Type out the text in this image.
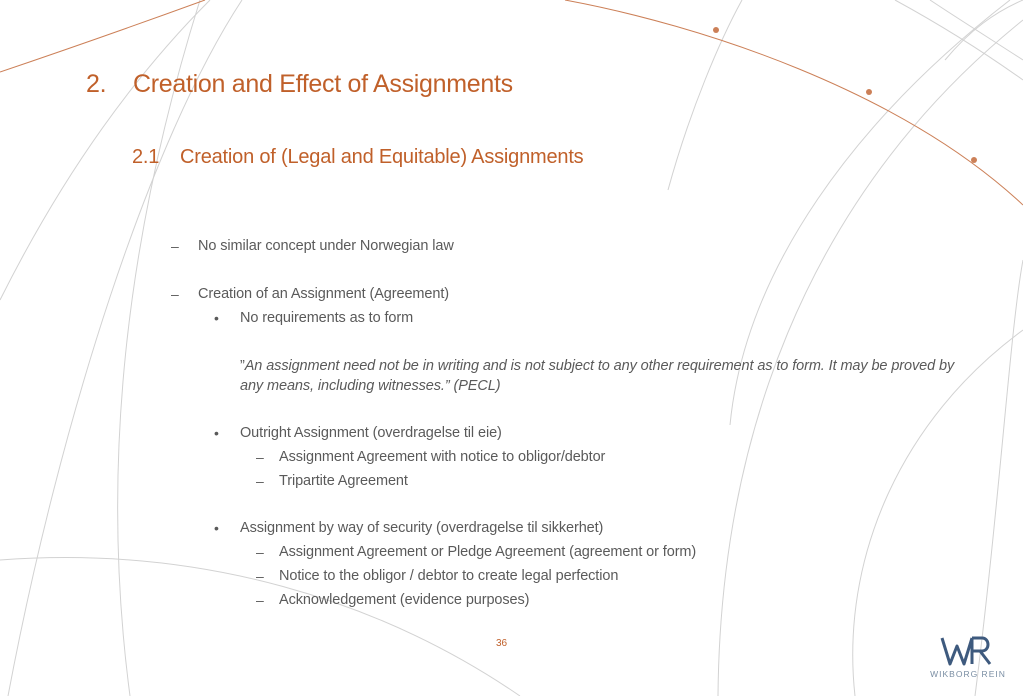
2. Creation and Effect of Assignments
2.1 Creation of (Legal and Equitable) Assignments
– No similar concept under Norwegian law
– Creation of an Assignment (Agreement)
• No requirements as to form
”An assignment need not be in writing and is not subject to any other requirement as to form. It may be proved by any means, including witnesses.” (PECL)
• Outright Assignment (overdragelse til eie)
– Assignment Agreement with notice to obligor/debtor
– Tripartite Agreement
• Assignment by way of security (overdragelse til sikkerhet)
– Assignment Agreement or Pledge Agreement (agreement or form)
– Notice to the obligor / debtor to create legal perfection
– Acknowledgement (evidence purposes)
36
WIKBORG REIN
